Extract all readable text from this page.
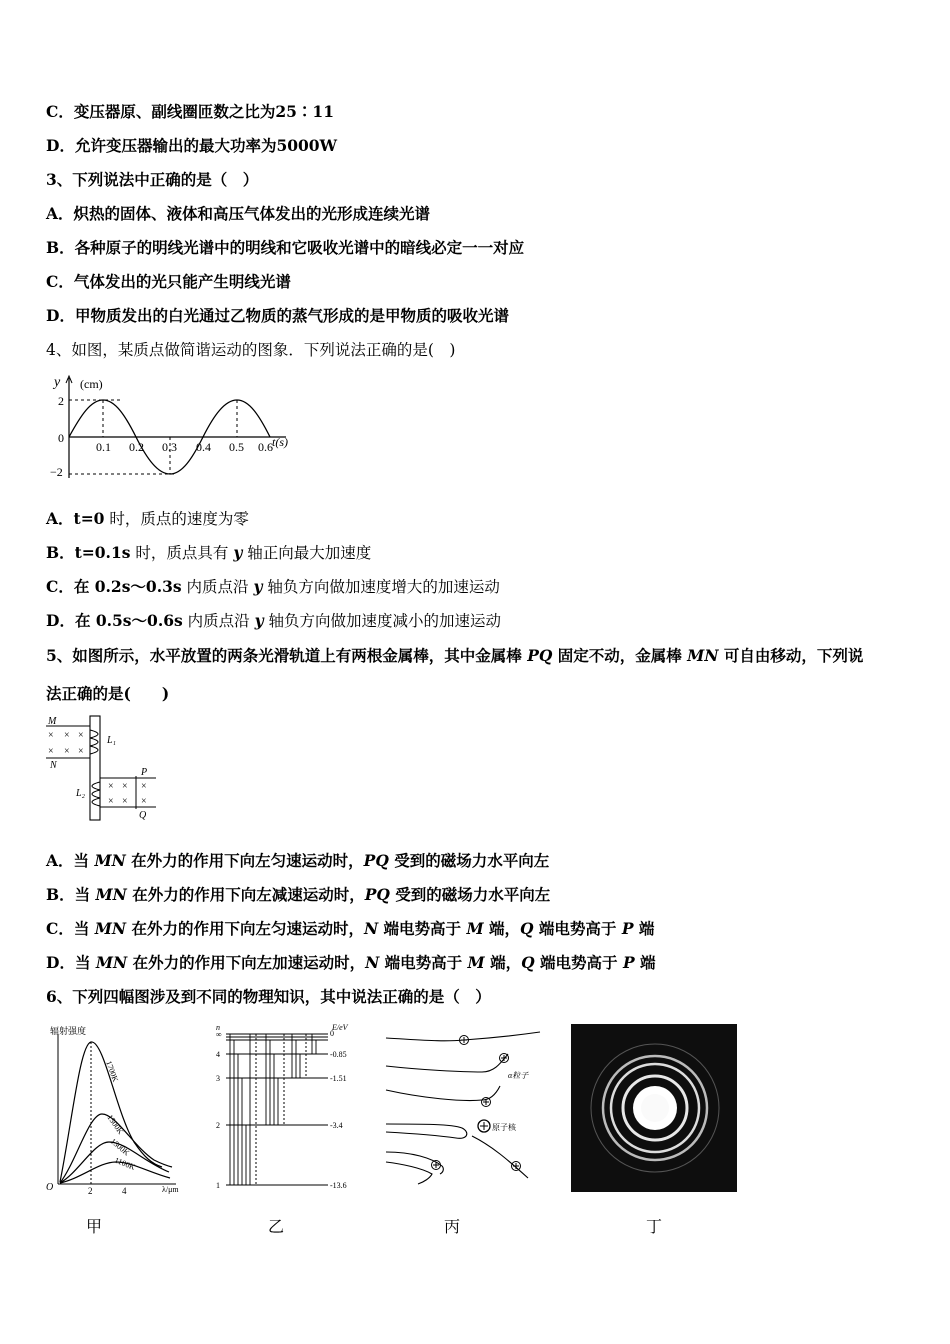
C．变压器原、副线圈匝数之比为25∶11
D．允许变压器输出的最大功率为5000W
3、下列说法中正确的是（　）
A．炽热的固体、液体和高压气体发出的光形成连续光谱
B．各种原子的明线光谱中的明线和它吸收光谱中的暗线必定一一对应
C．气体发出的光只能产生明线光谱
D．甲物质发出的白光通过乙物质的蒸气形成的是甲物质的吸收光谱
4、如图，某质点做简谐运动的图象．下列说法正确的是(　)
y (cm)
t(s)
2
0
−2
0.1 0.2 0.3 0.4 0.5 0.6
A．t=0 时，质点的速度为零
B．t=0.1s 时，质点具有 y 轴正向最大加速度
C．在 0.2s～0.3s 内质点沿 y 轴负方向做加速度增大的加速运动
D．在 0.5s～0.6s 内质点沿 y 轴负方向做加速度减小的加速运动
5、如图所示，水平放置的两条光滑轨道上有两根金属棒，其中金属棒 PQ 固定不动，金属棒 MN 可自由移动，下列说
法正确的是(　　)
× × ×
× × ×
× × ×
× × ×
M
N
P
Q
L₁
L₂
A．当 MN 在外力的作用下向左匀速运动时，PQ 受到的磁场力水平向左
B．当 MN 在外力的作用下向左减速运动时，PQ 受到的磁场力水平向左
C．当 MN 在外力的作用下向左匀速运动时，N 端电势高于 M 端，Q 端电势高于 P 端
D．当 MN 在外力的作用下向左加速运动时，N 端电势高于 M 端，Q 端电势高于 P 端
6、下列四幅图涉及到不同的物理知识，其中说法正确的是（　）
辐射强度
O	2	4	λ/μm
1700K
1500K
1300K
1100K
n	E/eV
∞	0
4	-0.85
3	-1.51
2	-3.4
1	-13.6
α粒子
原子核
甲	乙	丙	丁
